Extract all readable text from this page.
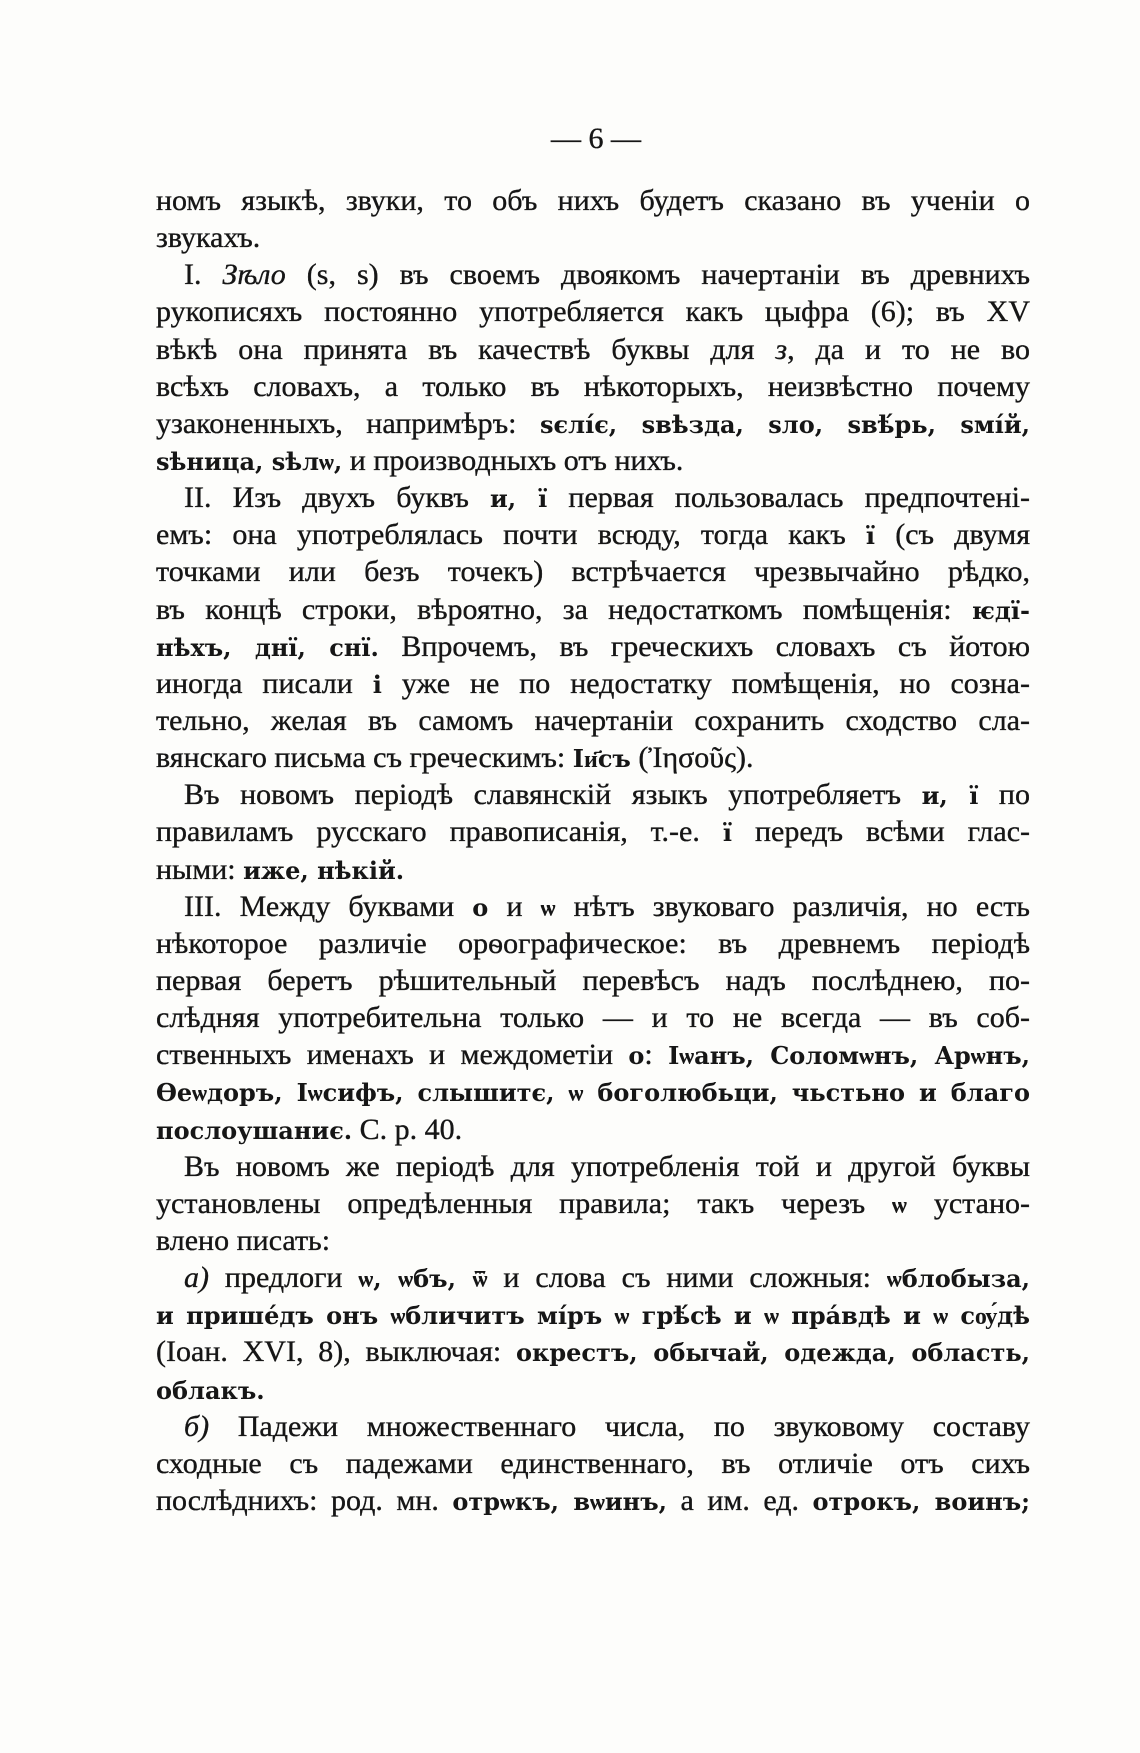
— 6 —
номъ языкѣ, звуки, то объ нихъ будетъ сказано въ ученіи о
звукахъ.
I. Зѣло (ѕ, ѕ) въ своемъ двоякомъ начертаніи въ древнихъ
рукописяхъ постоянно употребляется какъ цыфра (6); въ XV
вѣкѣ она принята въ качествѣ буквы для з, да и то не во
всѣхъ словахъ, а только въ нѣкоторыхъ, неизвѣстно почему
узаконенныхъ, напримѣръ: ѕєлі́є, ѕвѣзда, ѕло, ѕвѣ́рь, ѕмі́й,
ѕѣница, ѕѣлѡ, и производныхъ отъ нихъ.
II. Изъ двухъ буквъ и, ї первая пользовалась предпочтені-
емъ: она употреблялась почти всюду, тогда какъ ї (съ двумя
точками или безъ точекъ) встрѣчается чрезвычайно рѣдко,
въ концѣ строки, вѣроятно, за недостаткомъ помѣщенія: ѥдї-
нѣхъ, днї, снї. Впрочемъ, въ греческихъ словахъ съ йотою
иногда писали і уже не по недостатку помѣщенія, но созна-
тельно, желая въ самомъ начертаніи сохранить сходство сла-
вянскаго письма съ греческимъ: Іи҃съ (Ἰησοῦς).
Въ новомъ періодѣ славянскій языкъ употребляетъ и, ї по
правиламъ русскаго правописанія, т.-е. ї передъ всѣми глас-
ными: иже, нѣкій.
III. Между буквами о и ѡ нѣтъ звуковаго различія, но есть
нѣкоторое различіе орѳографическое: въ древнемъ періодѣ
первая беретъ рѣшительный перевѣсъ надъ послѣднею, по-
слѣдняя употребительна только — и то не всегда — въ соб-
ственныхъ именахъ и междометіи о: Іѡанъ, Соломѡнъ, Арѡнъ,
Ѳеѡдоръ, Іѡсифъ, слышитє, ѡ боголюбьци, чьстьно и благо
послоушаниє. С. р. 40.
Въ новомъ же періодѣ для употребленія той и другой буквы
установлены опредѣленныя правила; такъ черезъ ѡ устано-
влено писать:
а) предлоги ѡ, ѡбъ, ѿ и слова съ ними сложныя: ѡблобыза,
и прише́дъ онъ ѡбличитъ мі́ръ ѡ грѣ́сѣ и ѡ пра́вдѣ и ѡ сѹ́дѣ
(Іоан. XVI, 8), выключая: окрестъ, обычай, одежда, область,
облакъ.
б) Падежи множественнаго числа, по звуковому составу
сходные съ падежами единственнаго, въ отличіе отъ сихъ
послѣднихъ: род. мн. отрѡкъ, вѡинъ, а им. ед. отрокъ, воинъ;
